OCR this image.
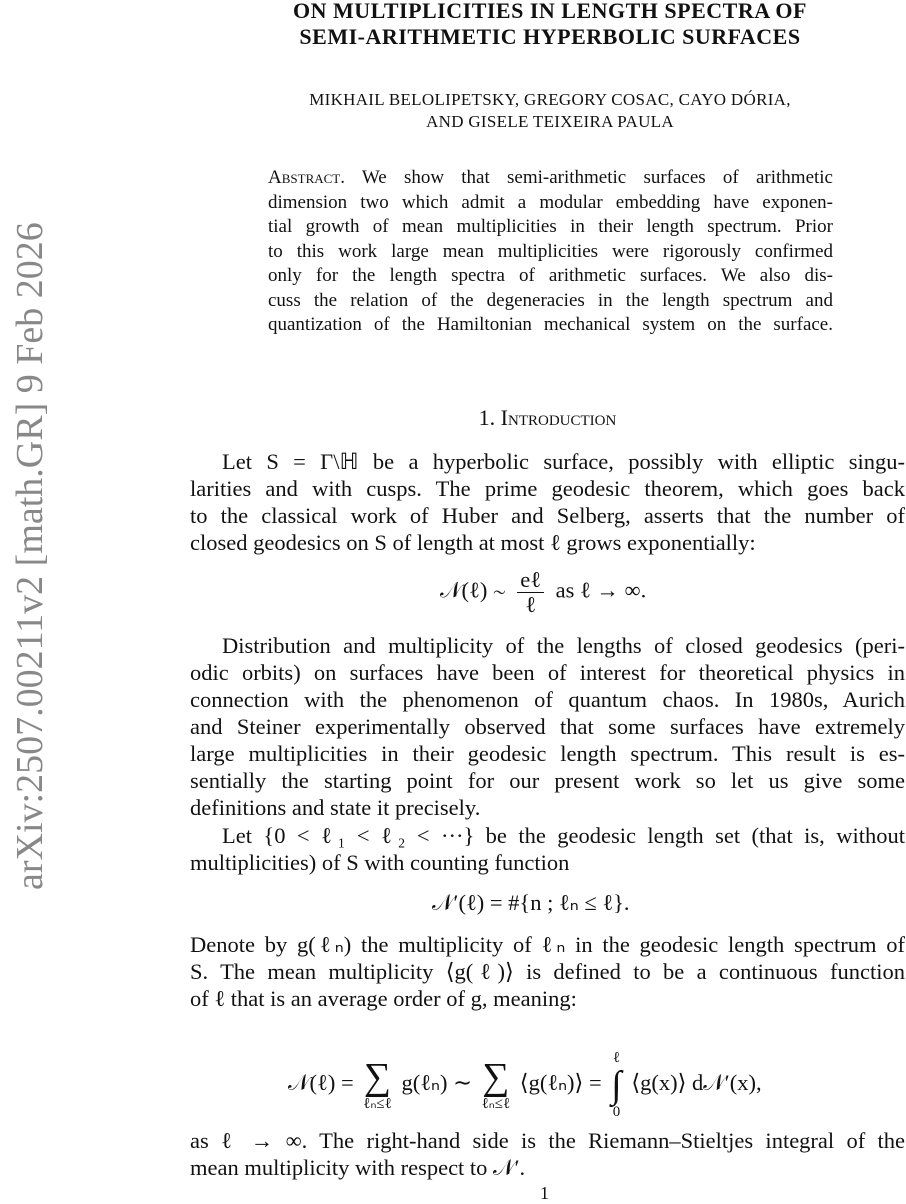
arXiv:2507.00211v2 [math.GR] 9 Feb 2026
ON MULTIPLICITIES IN LENGTH SPECTRA OF
SEMI-ARITHMETIC HYPERBOLIC SURFACES
MIKHAIL BELOLIPETSKY, GREGORY COSAC, CAYO DÓRIA,
AND GISELE TEIXEIRA PAULA
Abstract. We show that semi-arithmetic surfaces of arithmetic
dimension two which admit a modular embedding have exponen-
tial growth of mean multiplicities in their length spectrum. Prior
to this work large mean multiplicities were rigorously confirmed
only for the length spectra of arithmetic surfaces. We also dis-
cuss the relation of the degeneracies in the length spectrum and
quantization of the Hamiltonian mechanical system on the surface.
1. Introduction
Let S = Γ\ℍ be a hyperbolic surface, possibly with elliptic singu-
larities and with cusps. The prime geodesic theorem, which goes back
to the classical work of Huber and Selberg, asserts that the number of
closed geodesics on S of length at most ℓ grows exponentially:
𝒩(ℓ) ∼ $\frac{\text{eℓ}}{\text{ℓ}}$ as ℓ → ∞.
Distribution and multiplicity of the lengths of closed geodesics (peri-
odic orbits) on surfaces have been of interest for theoretical physics in
connection with the phenomenon of quantum chaos. In 1980s, Aurich
and Steiner experimentally observed that some surfaces have extremely
large multiplicities in their geodesic length spectrum. This result is es-
sentially the starting point for our present work so let us give some
definitions and state it precisely.
Let {0 < ℓ₁ < ℓ₂ < ···} be the geodesic length set (that is, without
multiplicities) of S with counting function
𝒩′(ℓ) = #{n ; ℓₙ ≤ ℓ}.
Denote by g(ℓₙ) the multiplicity of ℓₙ in the geodesic length spectrum of
S. The mean multiplicity ⟨g(ℓ)⟩ is defined to be a continuous function
of ℓ that is an average order of g, meaning:
𝒩(ℓ) = ∑
ℓₙ≤ℓ
g(ℓₙ) ∼ ∑
ℓₙ≤ℓ
⟨g(ℓₙ)⟩ =
ℓ
∫
0
⟨g(x)⟩ d𝒩′(x),
as ℓ → ∞. The right-hand side is the Riemann–Stieltjes integral of the
mean multiplicity with respect to 𝒩′.
1
